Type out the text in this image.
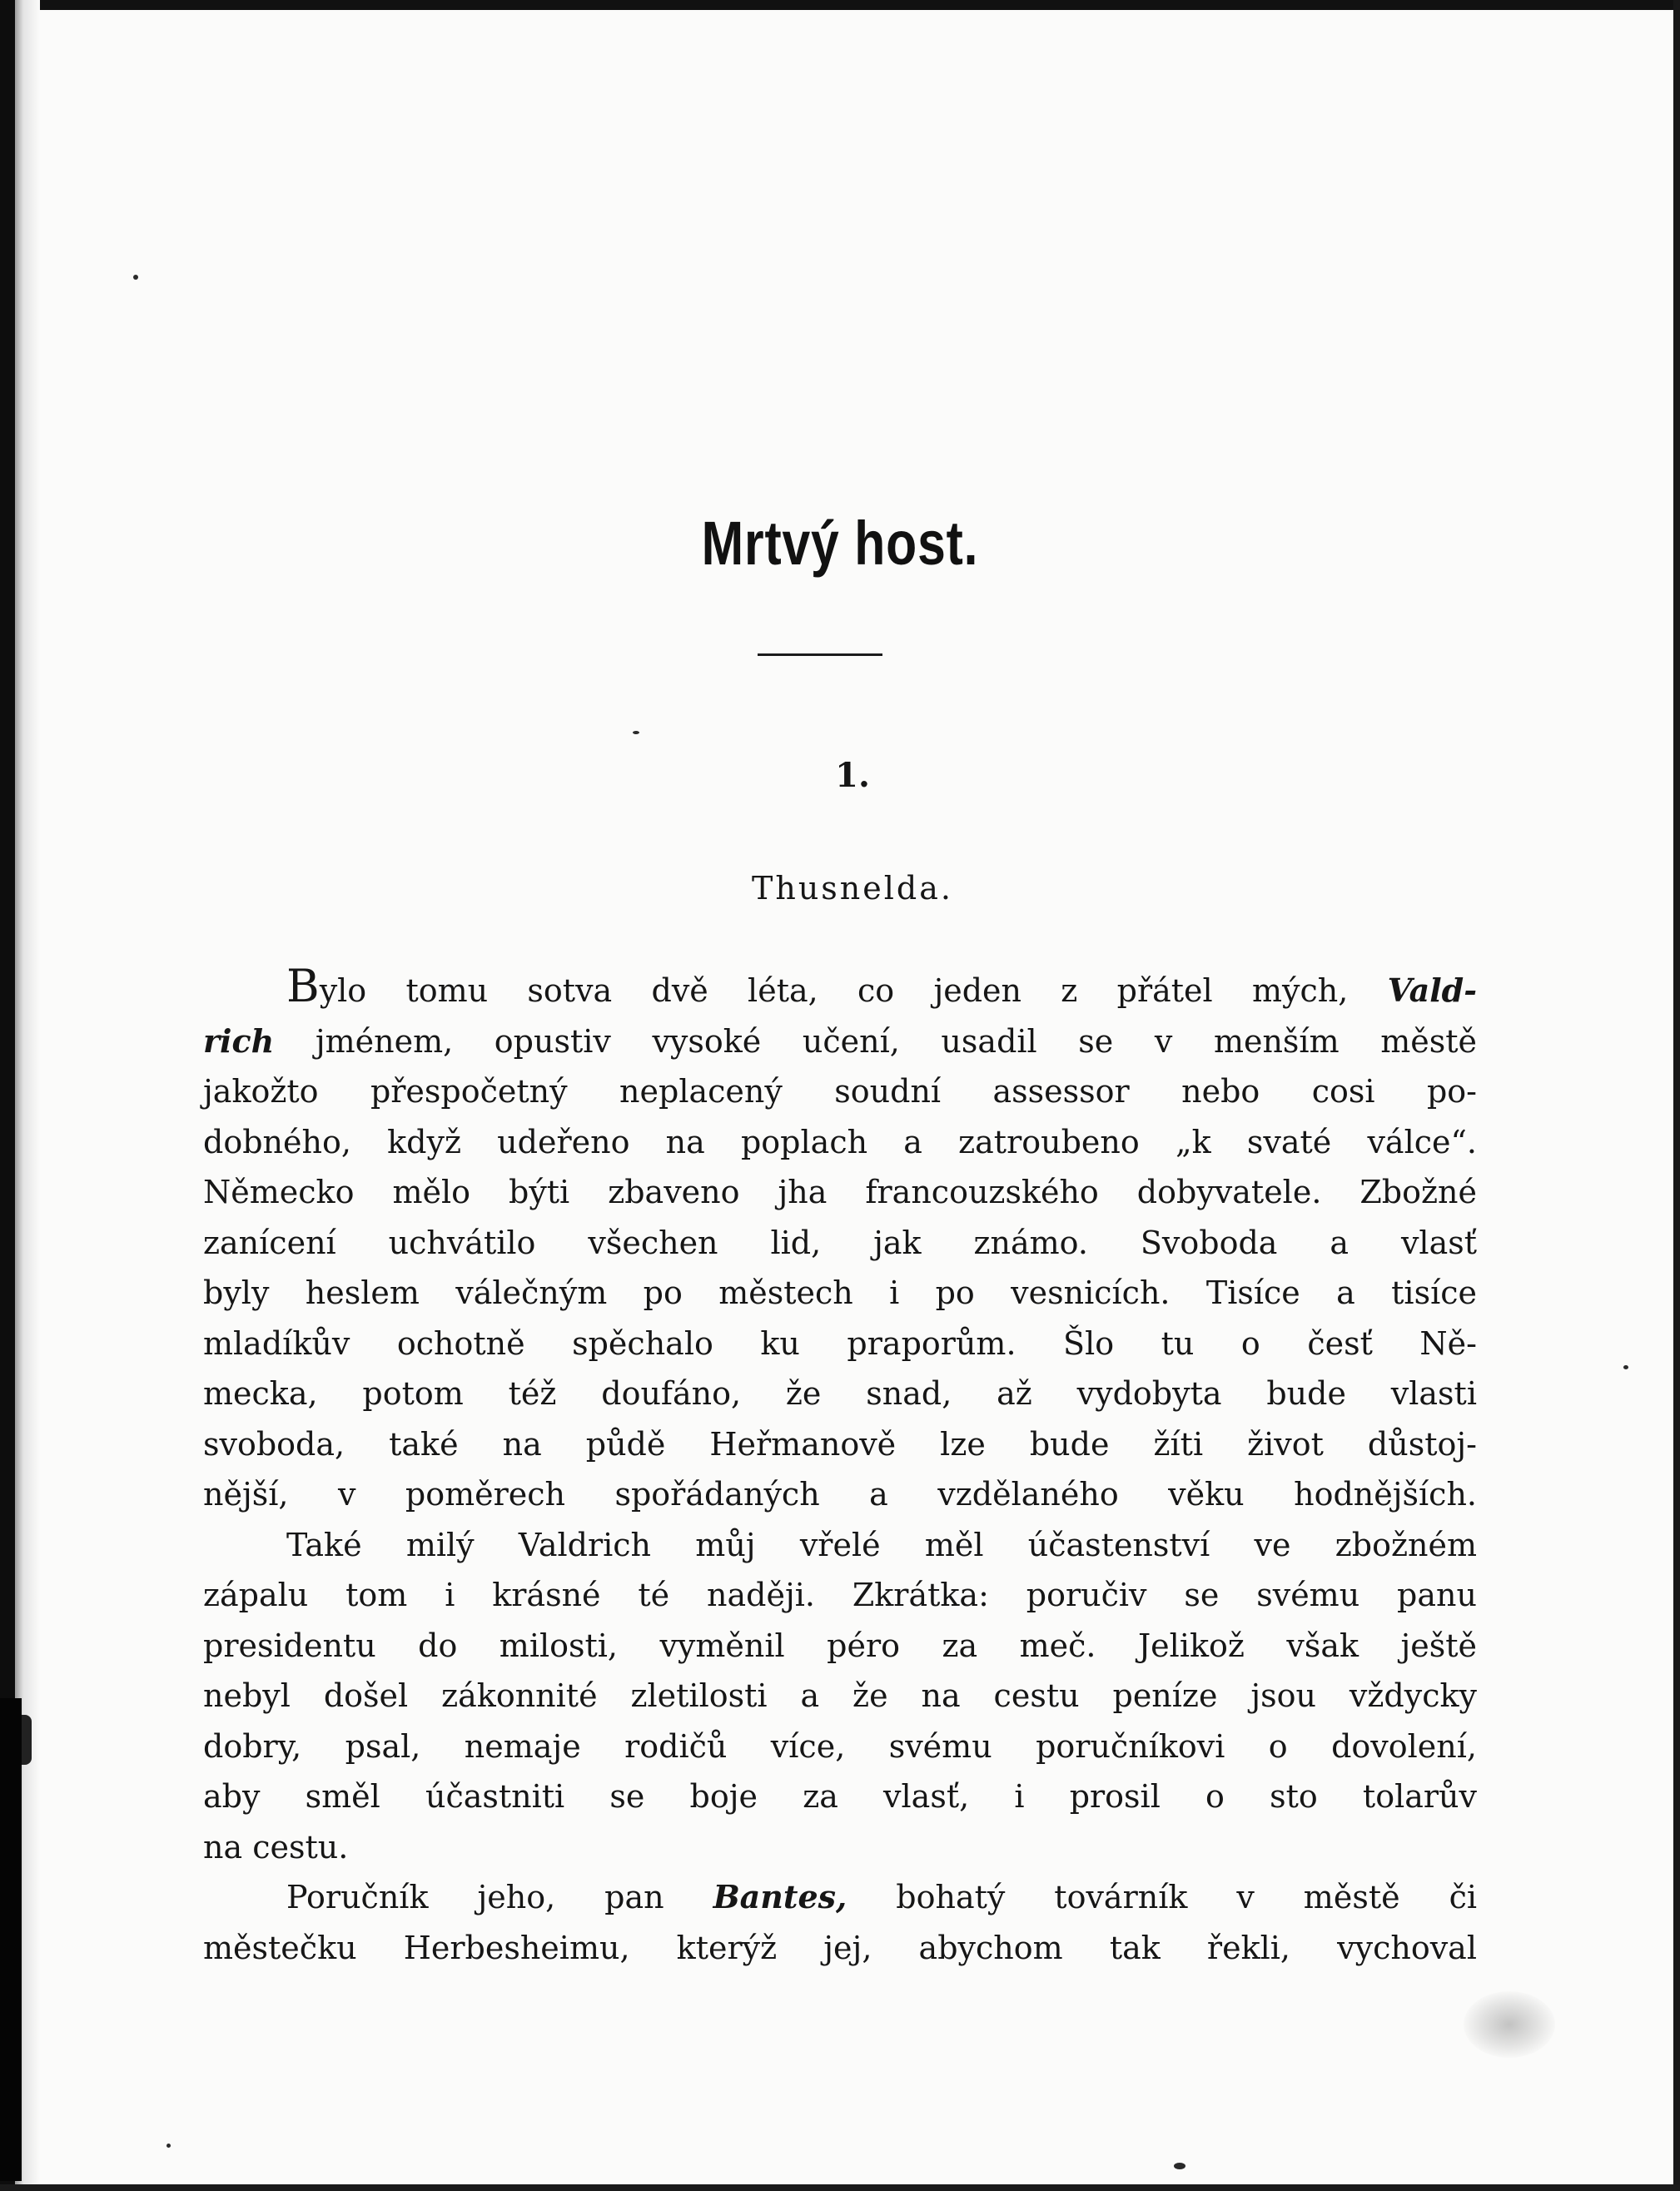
Mrtvý host.
1.
Thusnelda.
Bylo tomu sotva dvě léta, co jeden z přátel mých, Vald-
rich jménem, opustiv vysoké učení, usadil se v menším městě
jakožto přespočetný neplacený soudní assessor nebo cosi po-
dobného, když udeřeno na poplach a zatroubeno „k svaté válce“.
Německo mělo býti zbaveno jha francouzského dobyvatele. Zbožné
zanícení uchvátilo všechen lid, jak známo. Svoboda a vlasť
byly heslem válečným po městech i po vesnicích. Tisíce a tisíce
mladíkův ochotně spěchalo ku praporům. Šlo tu o česť Ně-
mecka, potom též doufáno, že snad, až vydobyta bude vlasti
svoboda, také na půdě Heřmanově lze bude žíti život důstoj-
nější, v poměrech spořádaných a vzdělaného věku hodnějších.
Také milý Valdrich můj vřelé měl účastenství ve zbožném
zápalu tom i krásné té naději. Zkrátka: poručiv se svému panu
presidentu do milosti, vyměnil péro za meč. Jelikož však ještě
nebyl došel zákonnité zletilosti a že na cestu peníze jsou vždycky
dobry, psal, nemaje rodičů více, svému poručníkovi o dovolení,
aby směl účastniti se boje za vlasť, i prosil o sto tolarův
na cestu.
Poručník jeho, pan Bantes, bohatý továrník v městě či
městečku Herbesheimu, kterýž jej, abychom tak řekli, vychoval
